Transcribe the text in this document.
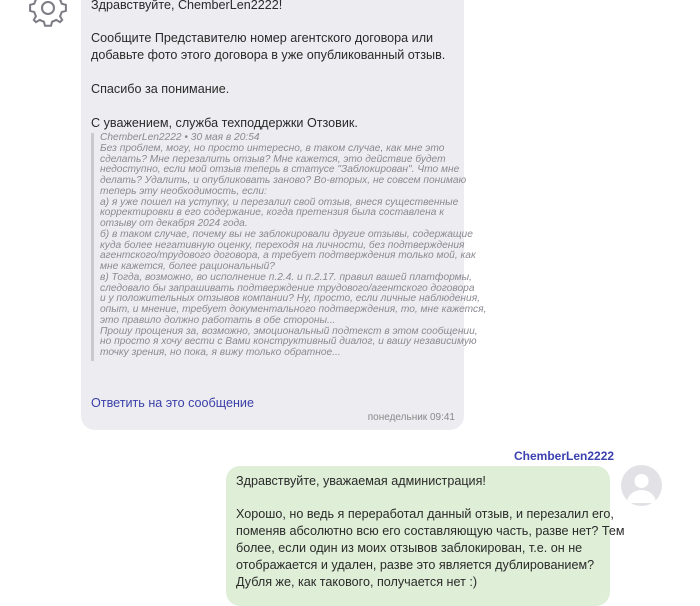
Здравствуйте, ChemberLen2222!
Сообщите Представителю номер агентского договора или
добавьте фото этого договора в уже опубликованный отзыв.
Спасибо за понимание.
С уважением, служба техподдержки Отзовик.
ChemberLen2222 • 30 мая в 20:54
Без проблем, могу, но просто интересно, в таком случае, как мне это
сделать? Мне перезалить отзыв? Мне кажется, это действие будет
недоступно, если мой отзыв теперь в статусе "Заблокирован". Что мне
делать? Удалить, и опубликовать заново? Во-вторых, не совсем понимаю
теперь эту необходимость, если:
а) я уже пошел на уступку, и перезалил свой отзыв, внеся существенные
корректировки в его содержание, когда претензия была составлена к
отзыву от декабря 2024 года.
б) в таком случае, почему вы не заблокировали другие отзывы, содержащие
куда более негативную оценку, переходя на личности, без подтверждения
агентского/трудового договора, а требует подтверждения только мой, как
мне кажется, более рациональный?
в) Тогда, возможно, во исполнение п.2.4. и п.2.17. правил вашей платформы,
следовало бы запрашивать подтверждение трудового/агентского договора
и у положительных отзывов компании? Ну, просто, если личные наблюдения,
опыт, и мнение, требует документального подтверждения, то, мне кажется,
это правило должно работать в обе стороны...
Прошу прощения за, возможно, эмоциональный подтекст в этом сообщении,
но просто я хочу вести с Вами конструктивный диалог, и вашу независимую
точку зрения, но пока, я вижу только обратное...
Ответить на это сообщение
понедельник 09:41
ChemberLen2222
Здравствуйте, уважаемая администрация!
Хорошо, но ведь я переработал данный отзыв, и перезалил его,
поменяв абсолютно всю его составляющую часть, разве нет? Тем
более, если один из моих отзывов заблокирован, т.е. он не
отображается и удален, разве это является дублированием?
Дубля же, как такового, получается нет :)
